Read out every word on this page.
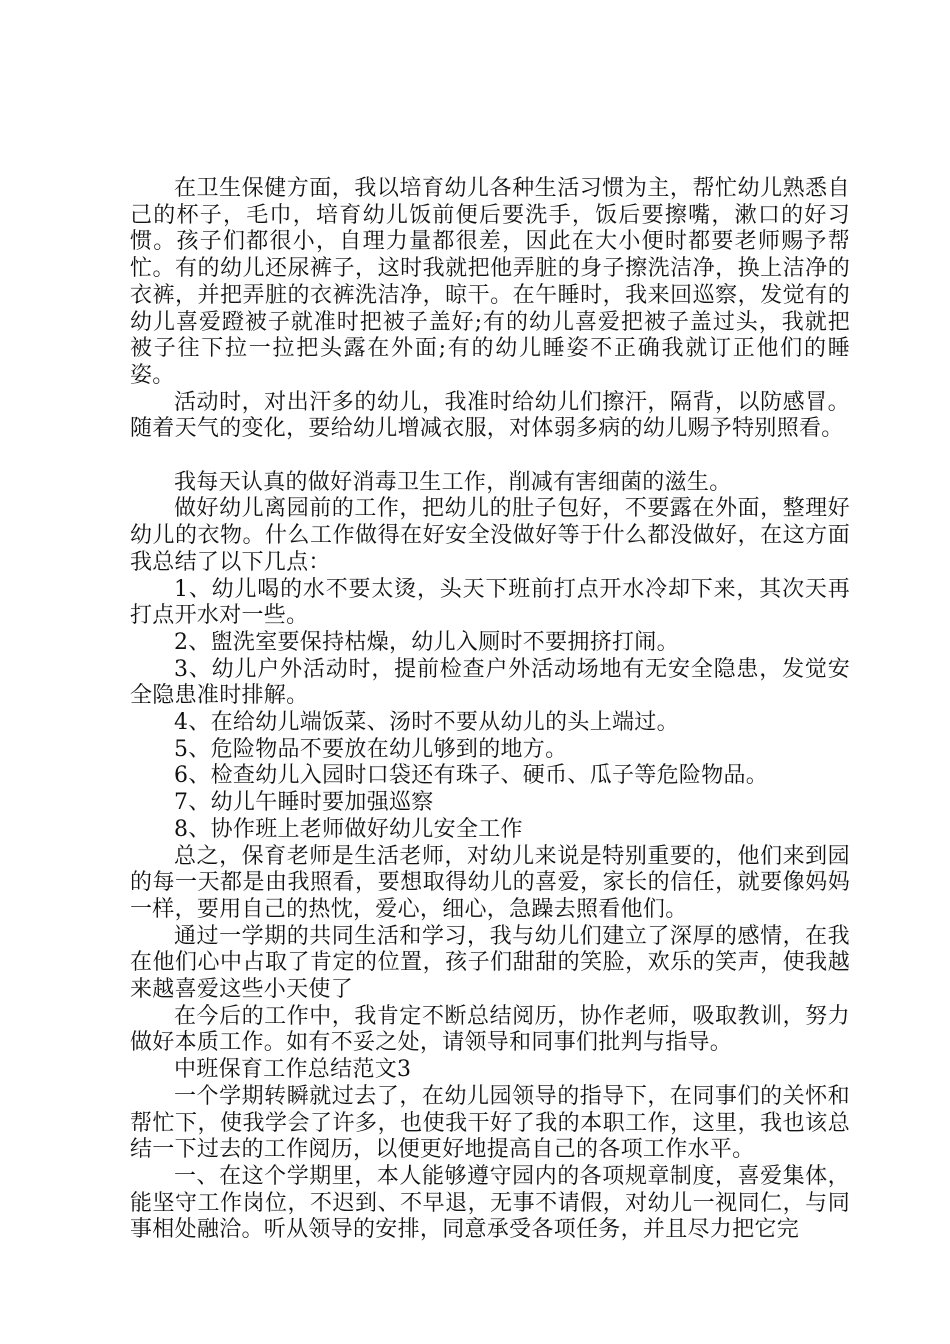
在卫生保健方面，我以培育幼儿各种生活习惯为主，帮忙幼儿熟悉自己的杯子，毛巾，培育幼儿饭前便后要洗手，饭后要擦嘴，漱口的好习惯。孩子们都很小，自理力量都很差，因此在大小便时都要老师赐予帮忙。有的幼儿还尿裤子，这时我就把他弄脏的身子擦洗洁净，换上洁净的衣裤，并把弄脏的衣裤洗洁净，晾干。在午睡时，我来回巡察，发觉有的幼儿喜爱蹬被子就准时把被子盖好;有的幼儿喜爱把被子盖过头，我就把被子往下拉一拉把头露在外面;有的幼儿睡姿不正确我就订正他们的睡姿。

活动时，对出汗多的幼儿，我准时给幼儿们擦汗，隔背，以防感冒。随着天气的变化，要给幼儿增减衣服，对体弱多病的幼儿赐予特别照看。

我每天认真的做好消毒卫生工作，削减有害细菌的滋生。

做好幼儿离园前的工作，把幼儿的肚子包好，不要露在外面，整理好幼儿的衣物。什么工作做得在好安全没做好等于什么都没做好，在这方面我总结了以下几点：

1、幼儿喝的水不要太烫，头天下班前打点开水冷却下来，其次天再打点开水对一些。

2、盥洗室要保持枯燥，幼儿入厕时不要拥挤打闹。

3、幼儿户外活动时，提前检查户外活动场地有无安全隐患，发觉安全隐患准时排解。

4、在给幼儿端饭菜、汤时不要从幼儿的头上端过。

5、危险物品不要放在幼儿够到的地方。

6、检查幼儿入园时口袋还有珠子、硬币、瓜子等危险物品。

7、幼儿午睡时要加强巡察

8、协作班上老师做好幼儿安全工作

总之，保育老师是生活老师，对幼儿来说是特别重要的，他们来到园的每一天都是由我照看，要想取得幼儿的喜爱，家长的信任，就要像妈妈一样，要用自己的热忱，爱心，细心，急躁去照看他们。

通过一学期的共同生活和学习，我与幼儿们建立了深厚的感情，在我在他们心中占取了肯定的位置，孩子们甜甜的笑脸，欢乐的笑声，使我越来越喜爱这些小天使了

在今后的工作中，我肯定不断总结阅历，协作老师，吸取教训，努力做好本质工作。如有不妥之处，请领导和同事们批判与指导。

中班保育工作总结范文3

一个学期转瞬就过去了，在幼儿园领导的指导下，在同事们的关怀和帮忙下，使我学会了许多，也使我干好了我的本职工作，这里，我也该总结一下过去的工作阅历，以便更好地提高自己的各项工作水平。

一、在这个学期里，本人能够遵守园内的各项规章制度，喜爱集体，能坚守工作岗位，不迟到、不早退，无事不请假，对幼儿一视同仁，与同事相处融洽。听从领导的安排，同意承受各项任务，并且尽力把它完
